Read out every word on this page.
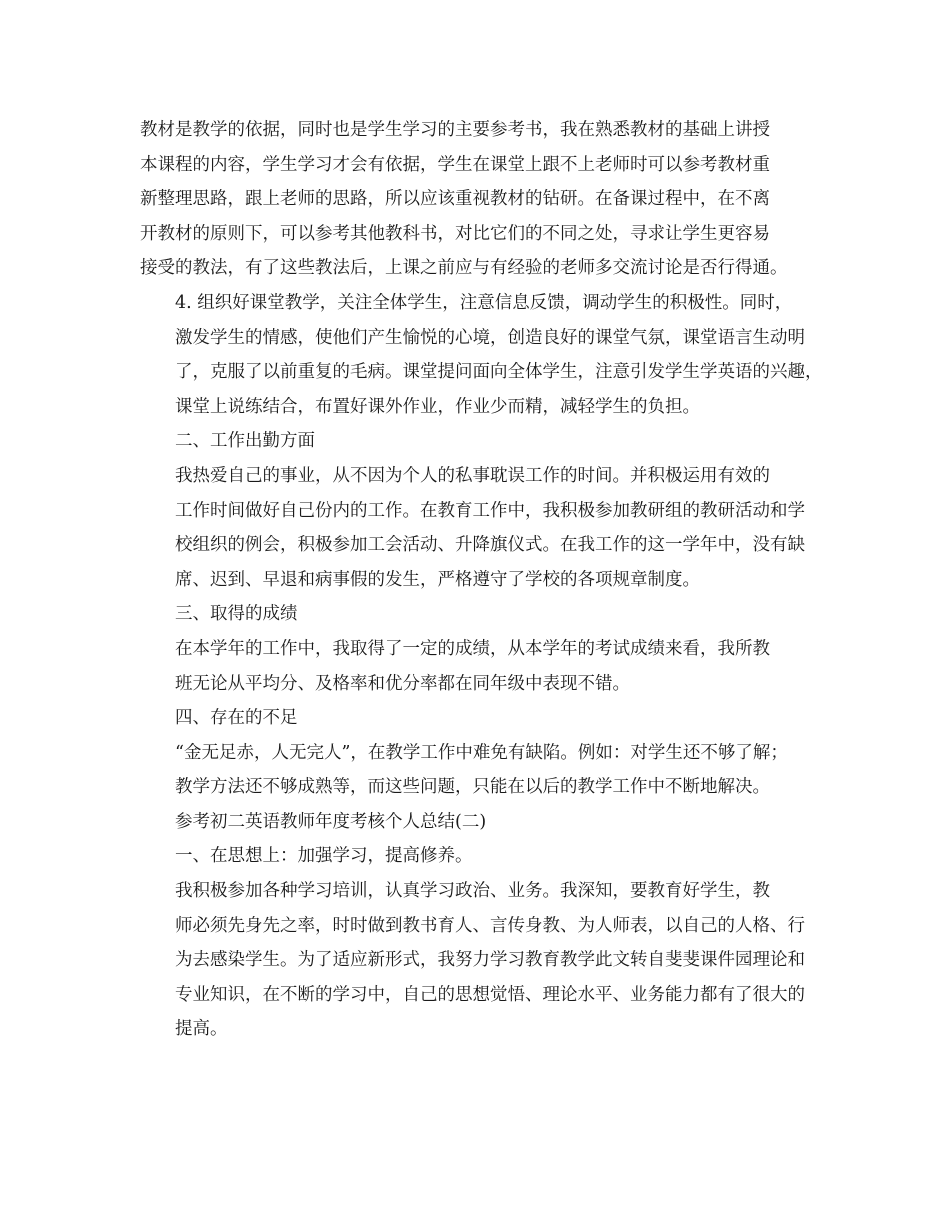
教材是教学的依据，同时也是学生学习的主要参考书，我在熟悉教材的基础上讲授
本课程的内容，学生学习才会有依据，学生在课堂上跟不上老师时可以参考教材重
新整理思路，跟上老师的思路，所以应该重视教材的钻研。在备课过程中，在不离
开教材的原则下，可以参考其他教科书，对比它们的不同之处，寻求让学生更容易
接受的教法，有了这些教法后，上课之前应与有经验的老师多交流讨论是否行得通。
4. 组织好课堂教学，关注全体学生，注意信息反馈，调动学生的积极性。同时，
激发学生的情感，使他们产生愉悦的心境，创造良好的课堂气氛，课堂语言生动明
了，克服了以前重复的毛病。课堂提问面向全体学生，注意引发学生学英语的兴趣，
课堂上说练结合，布置好课外作业，作业少而精，减轻学生的负担。
二、工作出勤方面
我热爱自己的事业，从不因为个人的私事耽误工作的时间。并积极运用有效的
工作时间做好自己份内的工作。在教育工作中，我积极参加教研组的教研活动和学
校组织的例会，积极参加工会活动、升降旗仪式。在我工作的这一学年中，没有缺
席、迟到、早退和病事假的发生，严格遵守了学校的各项规章制度。
三、取得的成绩
在本学年的工作中，我取得了一定的成绩，从本学年的考试成绩来看，我所教
班无论从平均分、及格率和优分率都在同年级中表现不错。
四、存在的不足
“金无足赤，人无完人”，在教学工作中难免有缺陷。例如：对学生还不够了解；
教学方法还不够成熟等，而这些问题，只能在以后的教学工作中不断地解决。
参考初二英语教师年度考核个人总结(二)
一、在思想上：加强学习，提高修养。
我积极参加各种学习培训，认真学习政治、业务。我深知，要教育好学生，教
师必须先身先之率，时时做到教书育人、言传身教、为人师表，以自己的人格、行
为去感染学生。为了适应新形式，我努力学习教育教学此文转自斐斐课件园理论和
专业知识，在不断的学习中，自己的思想觉悟、理论水平、业务能力都有了很大的
提高。
